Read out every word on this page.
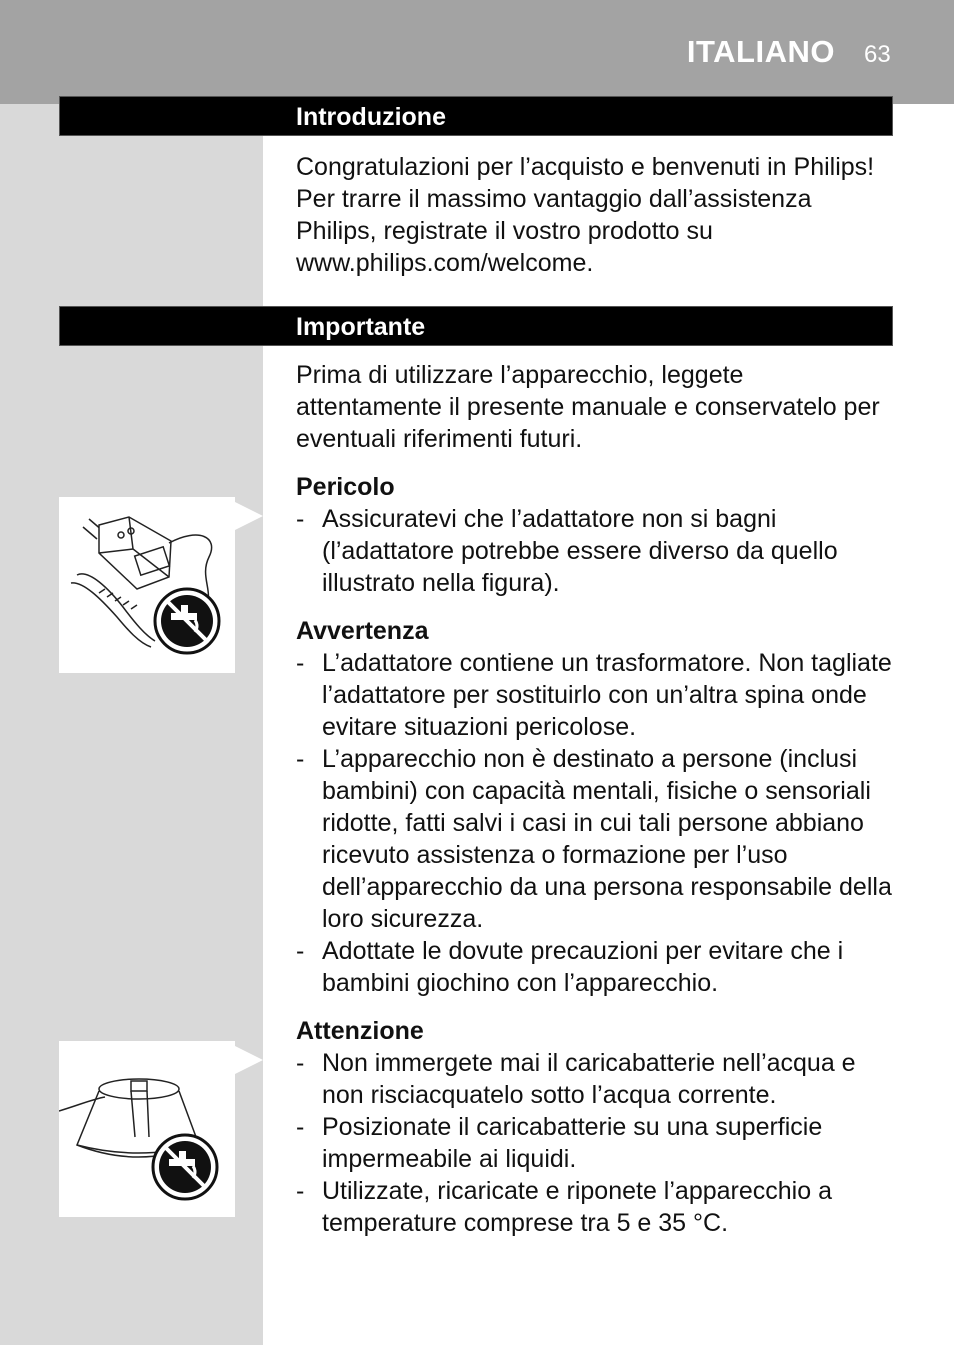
ITALIANO 63
Introduzione

Congratulazioni per l’acquisto e benvenuti in Philips! Per trarre il massimo vantaggio dall’assistenza Philips, registrate il vostro prodotto su www.philips.com/welcome.

Importante

Prima di utilizzare l’apparecchio, leggete attentamente il presente manuale e conservatelo per eventuali riferimenti futuri.

Pericolo

- Assicuratevi che l’adattatore non si bagni (l’adattatore potrebbe essere diverso da quello illustrato nella figura).

Avvertenza

- L’adattatore contiene un trasformatore. Non tagliate l’adattatore per sostituirlo con un’altra spina onde evitare situazioni pericolose.
- L’apparecchio non è destinato a persone (inclusi bambini) con capacità mentali, fisiche o sensoriali ridotte, fatti salvi i casi in cui tali persone abbiano ricevuto assistenza o formazione per l’uso dell’apparecchio da una persona responsabile della loro sicurezza.
- Adottate le dovute precauzioni per evitare che i bambini giochino con l’apparecchio.

Attenzione

- Non immergete mai il caricabatterie nell’acqua e non risciacquatelo sotto l’acqua corrente.
- Posizionate il caricabatterie su una superficie impermeabile ai liquidi.
- Utilizzate, ricaricate e riponete l’apparecchio a temperature comprese tra 5 e 35 °C.
